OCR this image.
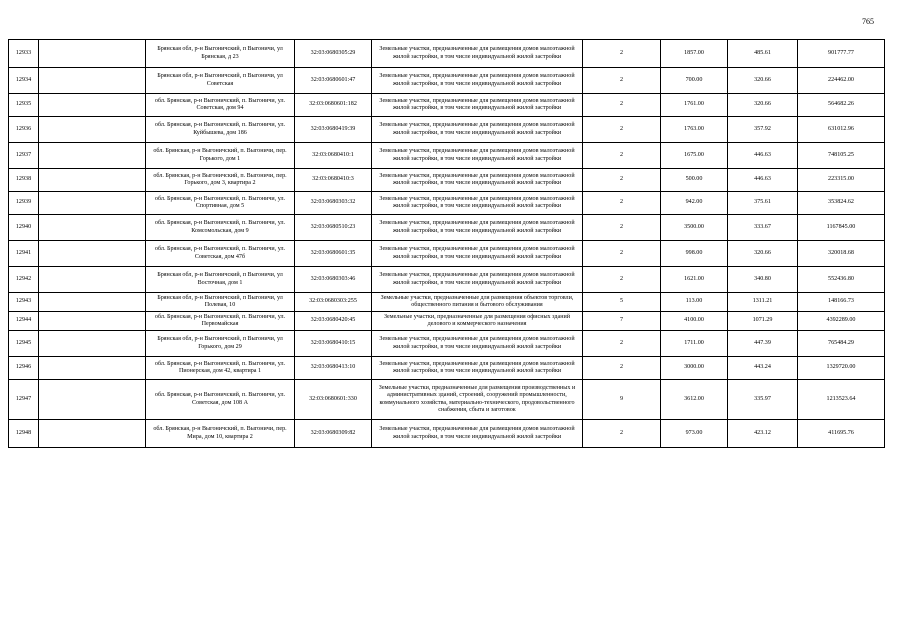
765
12933		Брянская обл, р-н Выгоничский, п Выгоничи, ул Брянская, д 23	32:03:0680305:29	Земельные участки, предназначенные для размещения домов малоэтажной жилой застройки, в том числе индивидуальной жилой застройки	2	1857.00	485.61	901777.77
12934		Брянская обл, р-н Выгоничский, п Выгоничи, ул Советская	32:03:0680601:47	Земельные участки, предназначенные для размещения домов малоэтажной жилой застройки, в том числе индивидуальной жилой застройки	2	700.00	320.66	224462.00
12935		обл. Брянская, р-н Выгоничский, п. Выгоничи, ул. Советская, дом 94	32:03:0680601:182	Земельные участки, предназначенные для размещения домов малоэтажной жилой застройки, в том числе индивидуальной жилой застройки	2	1761.00	320.66	564682.26
12936		обл. Брянская, р-н Выгоничский, п. Выгоничи, ул. Куйбышева, дом 186	32:03:0680419:39	Земельные участки, предназначенные для размещения домов малоэтажной жилой застройки, в том числе индивидуальной жилой застройки	2	1763.00	357.92	631012.96
12937		обл. Брянская, р-н Выгоничский, п. Выгоничи, пер. Горького, дом 1	32:03:0680410:1	Земельные участки, предназначенные для размещения домов малоэтажной жилой застройки, в том числе индивидуальной жилой застройки	2	1675.00	446.63	748105.25
12938		обл. Брянская, р-н Выгоничский, п. Выгоничи, пер. Горького, дом 3, квартира 2	32:03:0680410:3	Земельные участки, предназначенные для размещения домов малоэтажной жилой застройки, в том числе индивидуальной жилой застройки	2	500.00	446.63	223315.00
12939		обл. Брянская, р-н Выгоничский, п. Выгоничи, ул. Спортивная, дом 5	32:03:0680303:32	Земельные участки, предназначенные для размещения домов малоэтажной жилой застройки, в том числе индивидуальной жилой застройки	2	942.00	375.61	353824.62
12940		обл. Брянская, р-н Выгоничский, п. Выгоничи, ул. Комсомольская, дом 9	32:03:0680510:23	Земельные участки, предназначенные для размещения домов малоэтажной жилой застройки, в том числе индивидуальной жилой застройки	2	3500.00	333.67	1167845.00
12941		обл. Брянская, р-н Выгоничский, п. Выгоничи, ул. Советская, дом 47б	32:03:0680601:35	Земельные участки, предназначенные для размещения домов малоэтажной жилой застройки, в том числе индивидуальной жилой застройки	2	998.00	320.66	320018.68
12942		Брянская обл, р-н Выгоничский, п Выгоничи, ул Восточная, дом 1	32:03:0680303:46	Земельные участки, предназначенные для размещения домов малоэтажной жилой застройки, в том числе индивидуальной жилой застройки	2	1621.00	340.80	552436.80
12943		Брянская обл, р-н Выгоничский, п Выгоничи, ул Полевая, 10	32:03:0680303:255	Земельные участки, предназначенные для размещения объектов торговли, общественного питания и бытового обслуживания	5	113.00	1311.21	148166.73
12944		обл. Брянская, р-н Выгоничский, п. Выгоничи, ул. Первомайская	32:03:0680420:45	Земельные участки, предназначенные для размещения офисных зданий делового и коммерческого назначения	7	4100.00	1071.29	4392289.00
12945		Брянская обл, р-н Выгоничский, п Выгоничи, ул Горького, дом 29	32:03:0680410:15	Земельные участки, предназначенные для размещения домов малоэтажной жилой застройки, в том числе индивидуальной жилой застройки	2	1711.00	447.39	765484.29
12946		обл. Брянская, р-н Выгоничский, п. Выгоничи, ул. Пионерская, дом 42, квартира 1	32:03:0680413:10	Земельные участки, предназначенные для размещения домов малоэтажной жилой застройки, в том числе индивидуальной жилой застройки	2	3000.00	443.24	1329720.00
12947		обл. Брянская, р-н Выгоничский, п. Выгоничи, ул. Советская, дом 108 А	32:03:0680601:330	Земельные участки, предназначенные для размещения производственных и административных зданий, строений, сооружений промышленности, коммунального хозяйства, материально-технического, продовольственного снабжения, сбыта и заготовок	9	3612.00	335.97	1213523.64
12948		обл. Брянская, р-н Выгоничский, п. Выгоничи, пер. Мира, дом 10, квартира 2	32:03:0680309:82	Земельные участки, предназначенные для размещения домов малоэтажной жилой застройки, в том числе индивидуальной жилой застройки	2	973.00	423.12	411695.76
